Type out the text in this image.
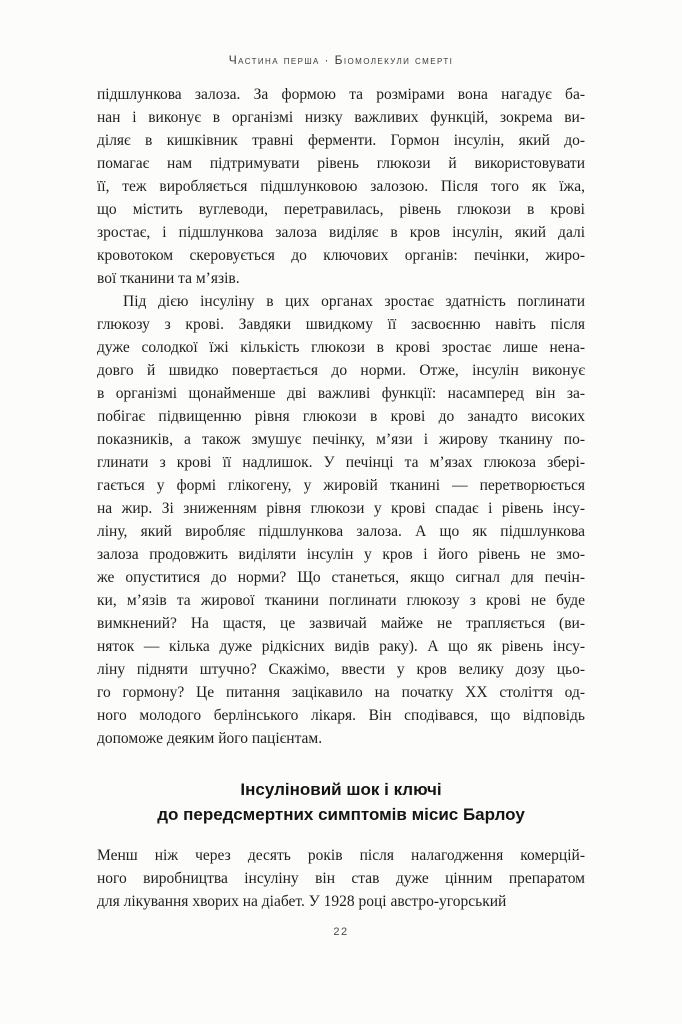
Частина перша · Біомолекули смерті
підшлункова залоза. За формою та розмірами вона нагадує ба-
нан і виконує в організмі низку важливих функцій, зокрема ви-
діляє в кишківник травні ферменти. Гормон інсулін, який до-
помагає нам підтримувати рівень глюкози й використовувати
її, теж виробляється підшлунковою залозою. Після того як їжа,
що містить вуглеводи, перетравилась, рівень глюкози в крові
зростає, і підшлункова залоза виділяє в кров інсулін, який далі
кровотоком скеровується до ключових органів: печінки, жиро-
вої тканини та м’язів.
Під дією інсуліну в цих органах зростає здатність поглинати
глюкозу з крові. Завдяки швидкому її засвоєнню навіть після
дуже солодкої їжі кількість глюкози в крові зростає лише нена-
довго й швидко повертається до норми. Отже, інсулін виконує
в організмі щонайменше дві важливі функції: насамперед він за-
побігає підвищенню рівня глюкози в крові до занадто високих
показників, а також змушує печінку, м’язи і жирову тканину по-
глинати з крові її надлишок. У печінці та м’язах глюкоза збері-
гається у формі глікогену, у жировій тканині — перетворюється
на жир. Зі зниженням рівня глюкози у крові спадає і рівень інсу-
ліну, який виробляє підшлункова залоза. А що як підшлункова
залоза продовжить виділяти інсулін у кров і його рівень не змо-
же опуститися до норми? Що станеться, якщо сигнал для печін-
ки, м’язів та жирової тканини поглинати глюкозу з крові не буде
вимкнений? На щастя, це зазвичай майже не трапляється (ви-
няток — кілька дуже рідкісних видів раку). А що як рівень інсу-
ліну підняти штучно? Скажімо, ввести у кров велику дозу цьо-
го гормону? Це питання зацікавило на початку XX століття од-
ного молодого берлінського лікаря. Він сподівався, що відповідь
допоможе деяким його пацієнтам.
Інсуліновий шок і ключі
до передсмертних симптомів місис Барлоу
Менш ніж через десять років після налагодження комерцій-
ного виробництва інсуліну він став дуже цінним препаратом
для лікування хворих на діабет. У 1928 році австро-угорський
22
